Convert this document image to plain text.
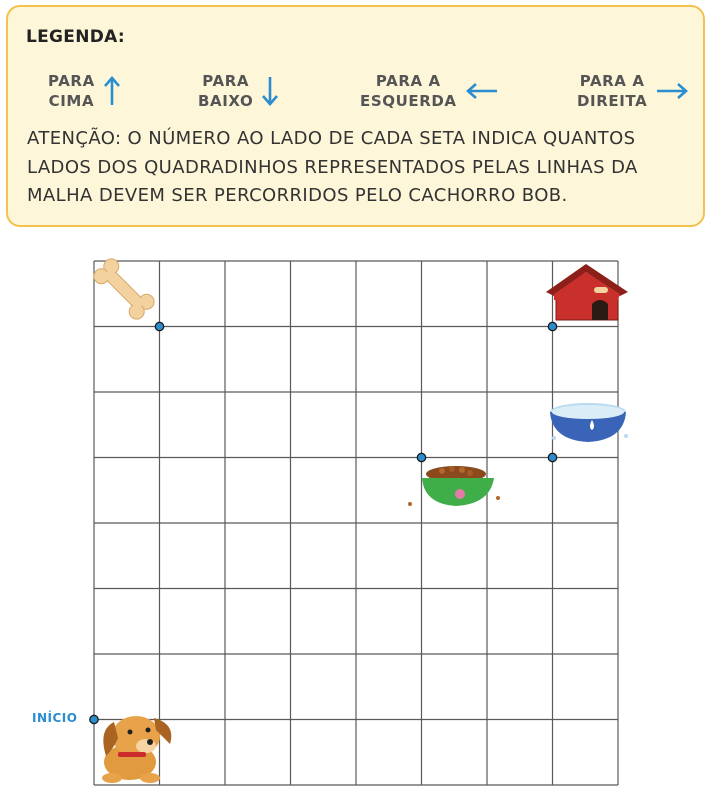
LEGENDA:
PARA
CIMA
PARA
BAIXO
PARA A
ESQUERDA
PARA A
DIREITA
ATENÇÃO: O NÚMERO AO LADO DE CADA SETA INDICA QUANTOS LADOS DOS QUADRADINHOS REPRESENTADOS PELAS LINHAS DA MALHA DEVEM SER PERCORRIDOS PELO CACHORRO BOB.
INÍCIO
